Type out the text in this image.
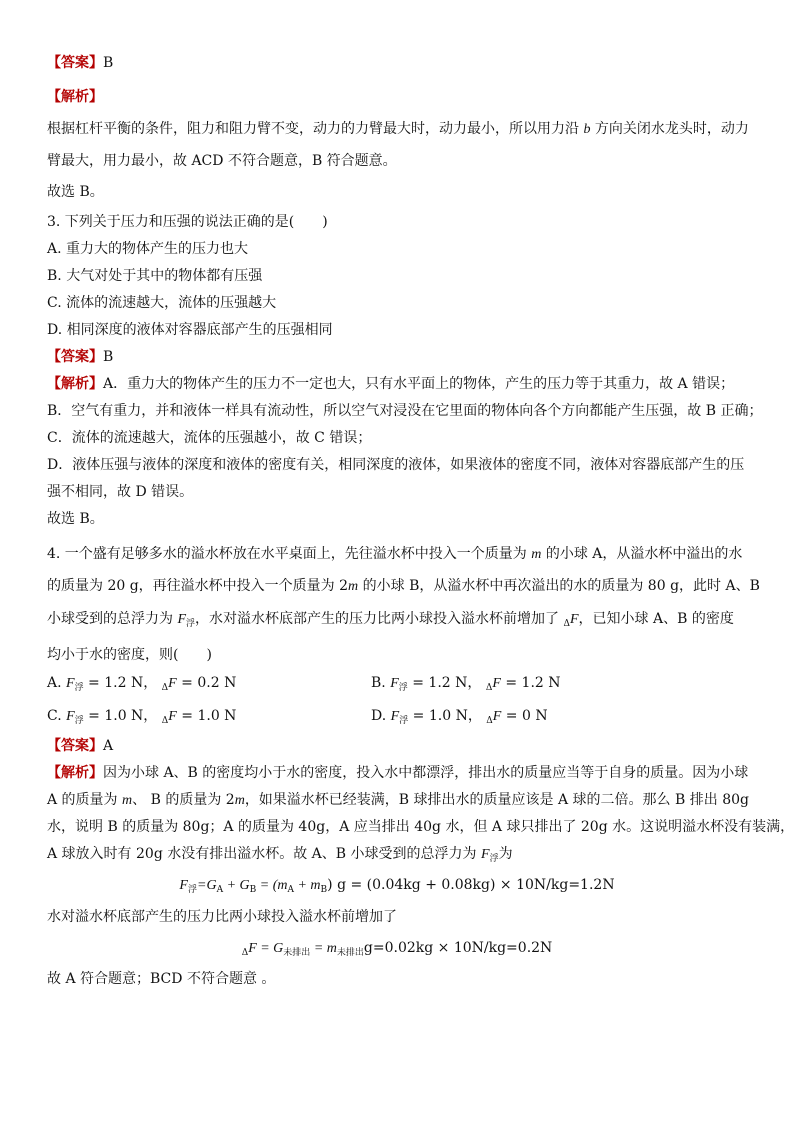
【答案】B
【解析】
根据杠杆平衡的条件，阻力和阻力臂不变，动力的力臂最大时，动力最小，所以用力沿 b 方向关闭水龙头时，动力
臂最大，用力最小，故 ACD 不符合题意，B 符合题意。
故选 B。
3. 下列关于压力和压强的说法正确的是(　　)
A. 重力大的物体产生的压力也大
B. 大气对处于其中的物体都有压强
C. 流体的流速越大，流体的压强越大
D. 相同深度的液体对容器底部产生的压强相同
【答案】B
【解析】A．重力大的物体产生的压力不一定也大，只有水平面上的物体，产生的压力等于其重力，故 A 错误；
B．空气有重力，并和液体一样具有流动性，所以空气对浸没在它里面的物体向各个方向都能产生压强，故 B 正确；
C．流体的流速越大，流体的压强越小，故 C 错误；
D．液体压强与液体的深度和液体的密度有关，相同深度的液体，如果液体的密度不同，液体对容器底部产生的压
强不相同，故 D 错误。
故选 B。
4. 一个盛有足够多水的溢水杯放在水平桌面上，先往溢水杯中投入一个质量为 m 的小球 A，从溢水杯中溢出的水
的质量为 20 g，再往溢水杯中投入一个质量为 2m 的小球 B，从溢水杯中再次溢出的水的质量为 80 g，此时 A、B
小球受到的总浮力为 $F_浮$，水对溢水杯底部产生的压力比两小球投入溢水杯前增加了 $_\Delta$F，已知小球 A、B 的密度
均小于水的密度，则(　　)
A. $F_浮 = 1.2$ N， $_\Delta$F = 0.2 N	B. $F_浮 = 1.2$ N， $_\Delta$F = 1.2 N
C. $F_浮 = 1.0$ N， $_\Delta$F = 1.0 N	D. $F_浮 = 1.0$ N， $_\Delta$F = 0 N
【答案】A
【解析】因为小球 A、B 的密度均小于水的密度，投入水中都漂浮，排出水的质量应当等于自身的质量。因为小球
A 的质量为 m、 B 的质量为 2m，如果溢水杯已经装满，B 球排出水的质量应该是 A 球的二倍。那么 B 排出 80g
水，说明 B 的质量为 80g；A 的质量为 40g，A 应当排出 40g 水，但 A 球只排出了 20g 水。这说明溢水杯没有装满，
A 球放入时有 20g 水没有排出溢水杯。故 A、B 小球受到的总浮力为 $F_浮$为
$F_浮=G_A + G_B = (m_A + m_B) g = (0.04kg + 0.08kg) \times 10N/kg=1.2N$
水对溢水杯底部产生的压力比两小球投入溢水杯前增加了
$_\Delta F = G_{未排出} = m_{未排出}g=0.02kg \times 10N/kg=0.2N$
故 A 符合题意；BCD 不符合题意 。
